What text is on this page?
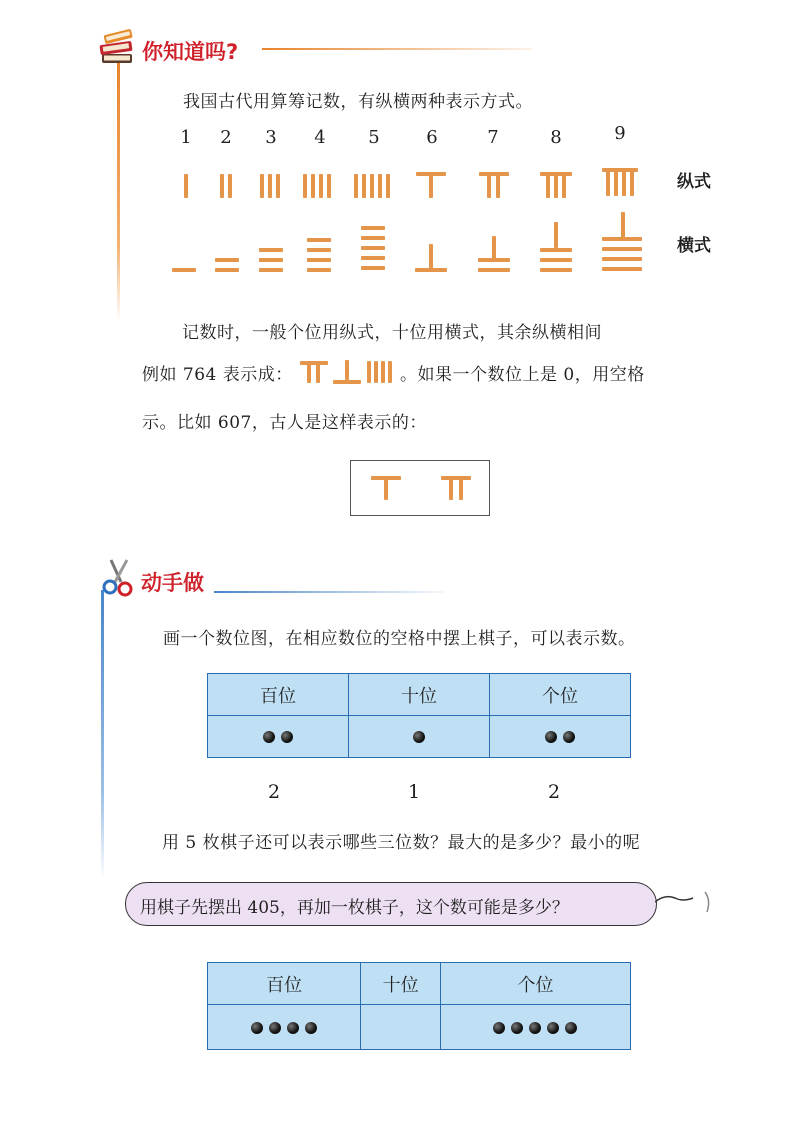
你知道吗?
我国古代用算筹记数，有纵横两种表示方式。
1	2	3	4	5	6	7	8	9
纵式
横式
记数时，一般个位用纵式，十位用横式，其余纵横相间
例如 764 表示成：	。如果一个数位上是 0，用空格
示。比如 607，古人是这样表示的：
动手做
画一个数位图，在相应数位的空格中摆上棋子，可以表示数。
百位	十位	个位

2	1	2
用 5 枚棋子还可以表示哪些三位数？最大的是多少？最小的呢
用棋子先摆出 405，再加一枚棋子，这个数可能是多少？
百位	十位	个位
